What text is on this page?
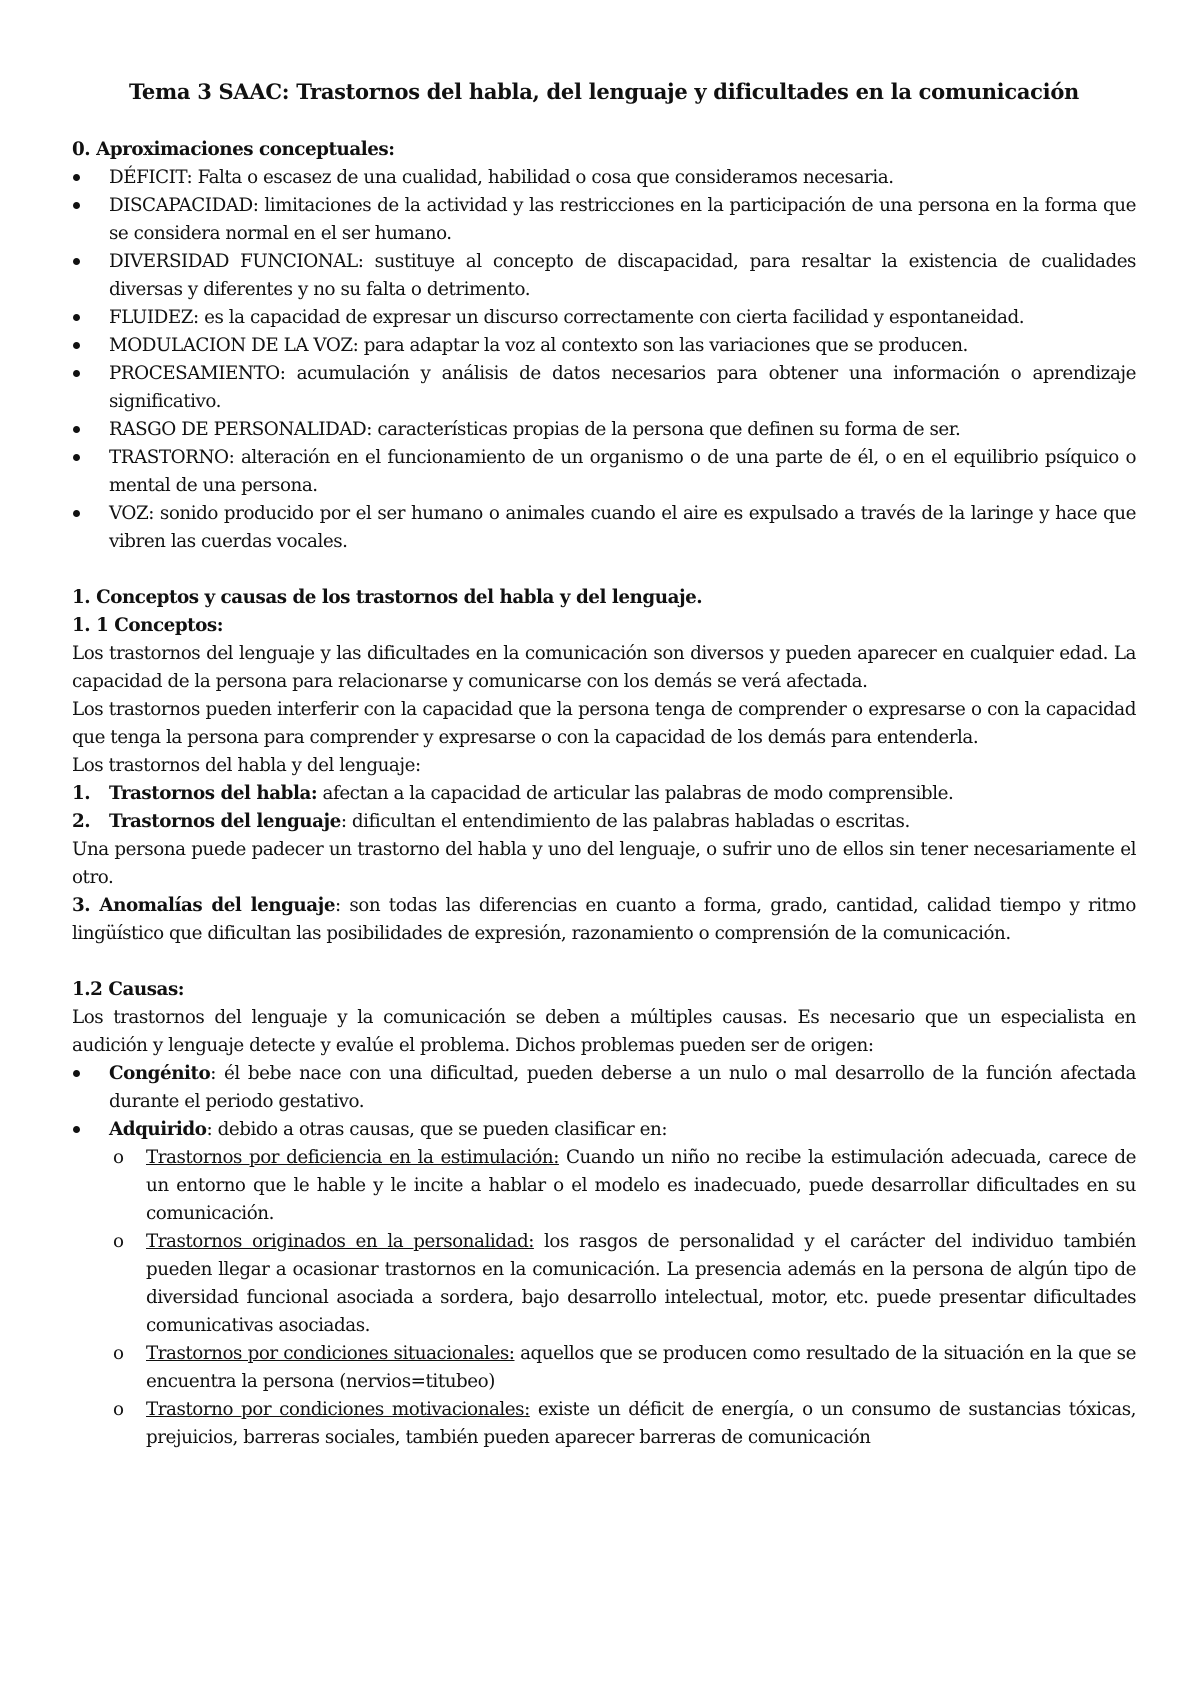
Tema 3 SAAC: Trastornos del habla, del lenguaje y dificultades en la comunicación

0. Aproximaciones conceptuales:

DÉFICIT: Falta o escasez de una cualidad, habilidad o cosa que consideramos necesaria.
DISCAPACIDAD: limitaciones de la actividad y las restricciones en la participación de una persona en la forma que se considera normal en el ser humano.
DIVERSIDAD FUNCIONAL: sustituye al concepto de discapacidad, para resaltar la existencia de cualidades diversas y diferentes y no su falta o detrimento.
FLUIDEZ: es la capacidad de expresar un discurso correctamente con cierta facilidad y espontaneidad.
MODULACION DE LA VOZ: para adaptar la voz al contexto son las variaciones que se producen.
PROCESAMIENTO: acumulación y análisis de datos necesarios para obtener una información o aprendizaje significativo.
RASGO DE PERSONALIDAD: características propias de la persona que definen su forma de ser.
TRASTORNO: alteración en el funcionamiento de un organismo o de una parte de él, o en el equilibrio psíquico o mental de una persona.
VOZ: sonido producido por el ser humano o animales cuando el aire es expulsado a través de la laringe y hace que vibren las cuerdas vocales.

1. Conceptos y causas de los trastornos del habla y del lenguaje.

1. 1 Conceptos:

Los trastornos del lenguaje y las dificultades en la comunicación son diversos y pueden aparecer en cualquier edad. La capacidad de la persona para relacionarse y comunicarse con los demás se verá afectada.

Los trastornos pueden interferir con la capacidad que la persona tenga de comprender o expresarse o con la capacidad que tenga la persona para comprender y expresarse o con la capacidad de los demás para entenderla.

Los trastornos del habla y del lenguaje:

1. Trastornos del habla: afectan a la capacidad de articular las palabras de modo comprensible.
2. Trastornos del lenguaje: dificultan el entendimiento de las palabras habladas o escritas.

Una persona puede padecer un trastorno del habla y uno del lenguaje, o sufrir uno de ellos sin tener necesariamente el otro.

3. Anomalías del lenguaje: son todas las diferencias en cuanto a forma, grado, cantidad, calidad tiempo y ritmo lingüístico que dificultan las posibilidades de expresión, razonamiento o comprensión de la comunicación.

1.2 Causas:

Los trastornos del lenguaje y la comunicación se deben a múltiples causas. Es necesario que un especialista en audición y lenguaje detecte y evalúe el problema. Dichos problemas pueden ser de origen:

Congénito: él bebe nace con una dificultad, pueden deberse a un nulo o mal desarrollo de la función afectada durante el periodo gestativo.
Adquirido: debido a otras causas, que se pueden clasificar en:
o Trastornos por deficiencia en la estimulación: Cuando un niño no recibe la estimulación adecuada, carece de un entorno que le hable y le incite a hablar o el modelo es inadecuado, puede desarrollar dificultades en su comunicación.
o Trastornos originados en la personalidad: los rasgos de personalidad y el carácter del individuo también pueden llegar a ocasionar trastornos en la comunicación. La presencia además en la persona de algún tipo de diversidad funcional asociada a sordera, bajo desarrollo intelectual, motor, etc. puede presentar dificultades comunicativas asociadas.
o Trastornos por condiciones situacionales: aquellos que se producen como resultado de la situación en la que se encuentra la persona (nervios=titubeo)
o Trastorno por condiciones motivacionales: existe un déficit de energía, o un consumo de sustancias tóxicas, prejuicios, barreras sociales, también pueden aparecer barreras de comunicación
